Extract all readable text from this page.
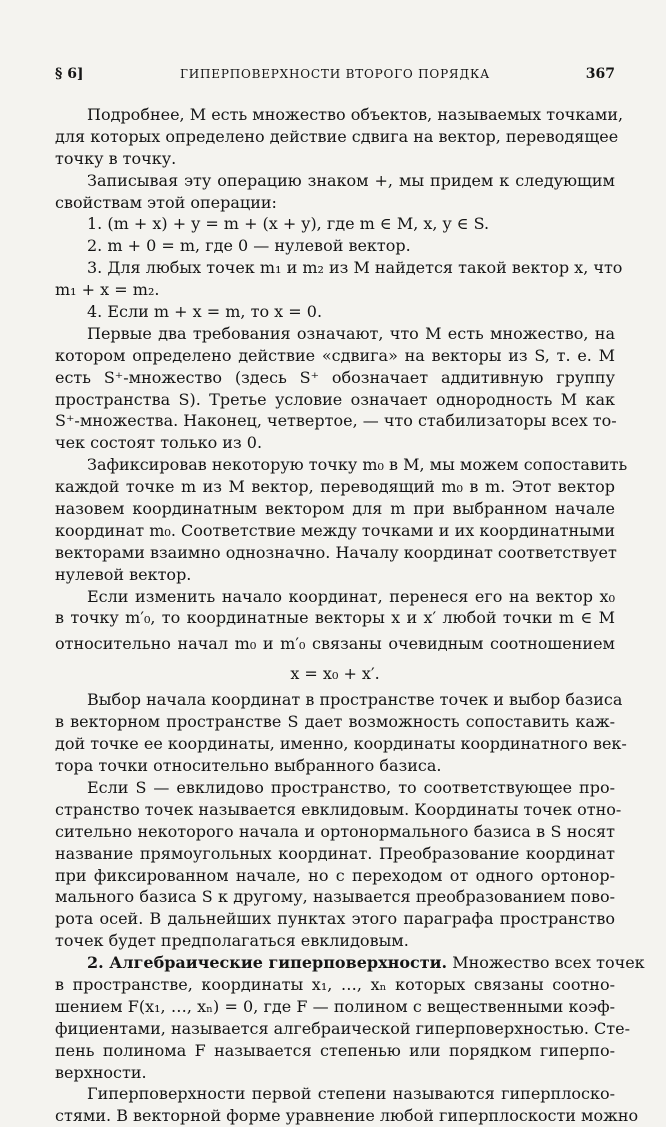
§ 6]	ГИПЕРПОВЕРХНОСТИ ВТОРОГО ПОРЯДКА	367
Подробнее, M есть множество объектов, называемых точками,
для которых определено действие сдвига на вектор, переводящее
точку в точку.
Записывая эту операцию знаком +, мы придем к следующим
свойствам этой операции:
1. (m + x) + y = m + (x + y), где m ∈ M, x, y ∈ S.
2. m + 0 = m, где 0 — нулевой вектор.
3. Для любых точек m₁ и m₂ из M найдется такой вектор x, что
m₁ + x = m₂.
4. Если m + x = m, то x = 0.
Первые два требования означают, что M есть множество, на
котором определено действие «сдвига» на векторы из S, т. е. M
есть S⁺-множество (здесь S⁺ обозначает аддитивную группу
пространства S). Третье условие означает однородность M как
S⁺-множества. Наконец, четвертое, — что стабилизаторы всех то-
чек состоят только из 0.
Зафиксировав некоторую точку m₀ в M, мы можем сопоставить
каждой точке m из M вектор, переводящий m₀ в m. Этот вектор
назовем координатным вектором для m при выбранном начале
координат m₀. Соответствие между точками и их координатными
векторами взаимно однозначно. Началу координат соответствует
нулевой вектор.
Если изменить начало координат, перенеся его на вектор x₀
в точку m′₀, то координатные векторы x и x′ любой точки m ∈ M
относительно начал m₀ и m′₀ связаны очевидным соотношением
x = x₀ + x′.
Выбор начала координат в пространстве точек и выбор базиса
в векторном пространстве S дает возможность сопоставить каж-
дой точке ее координаты, именно, координаты координатного век-
тора точки относительно выбранного базиса.
Если S — евклидово пространство, то соответствующее про-
странство точек называется евклидовым. Координаты точек отно-
сительно некоторого начала и ортонормального базиса в S носят
название прямоугольных координат. Преобразование координат
при фиксированном начале, но с переходом от одного ортонор-
мального базиса S к другому, называется преобразованием пово-
рота осей. В дальнейших пунктах этого параграфа пространство
точек будет предполагаться евклидовым.
2. Алгебраические гиперповерхности. Множество всех точек
в пространстве, координаты x₁, …, xₙ которых связаны соотно-
шением F(x₁, …, xₙ) = 0, где F — полином с вещественными коэф-
фициентами, называется алгебраической гиперповерхностью. Сте-
пень полинома F называется степенью или порядком гиперпо-
верхности.
Гиперповерхности первой степени называются гиперплоско-
стями. В векторной форме уравнение любой гиперплоскости можно
